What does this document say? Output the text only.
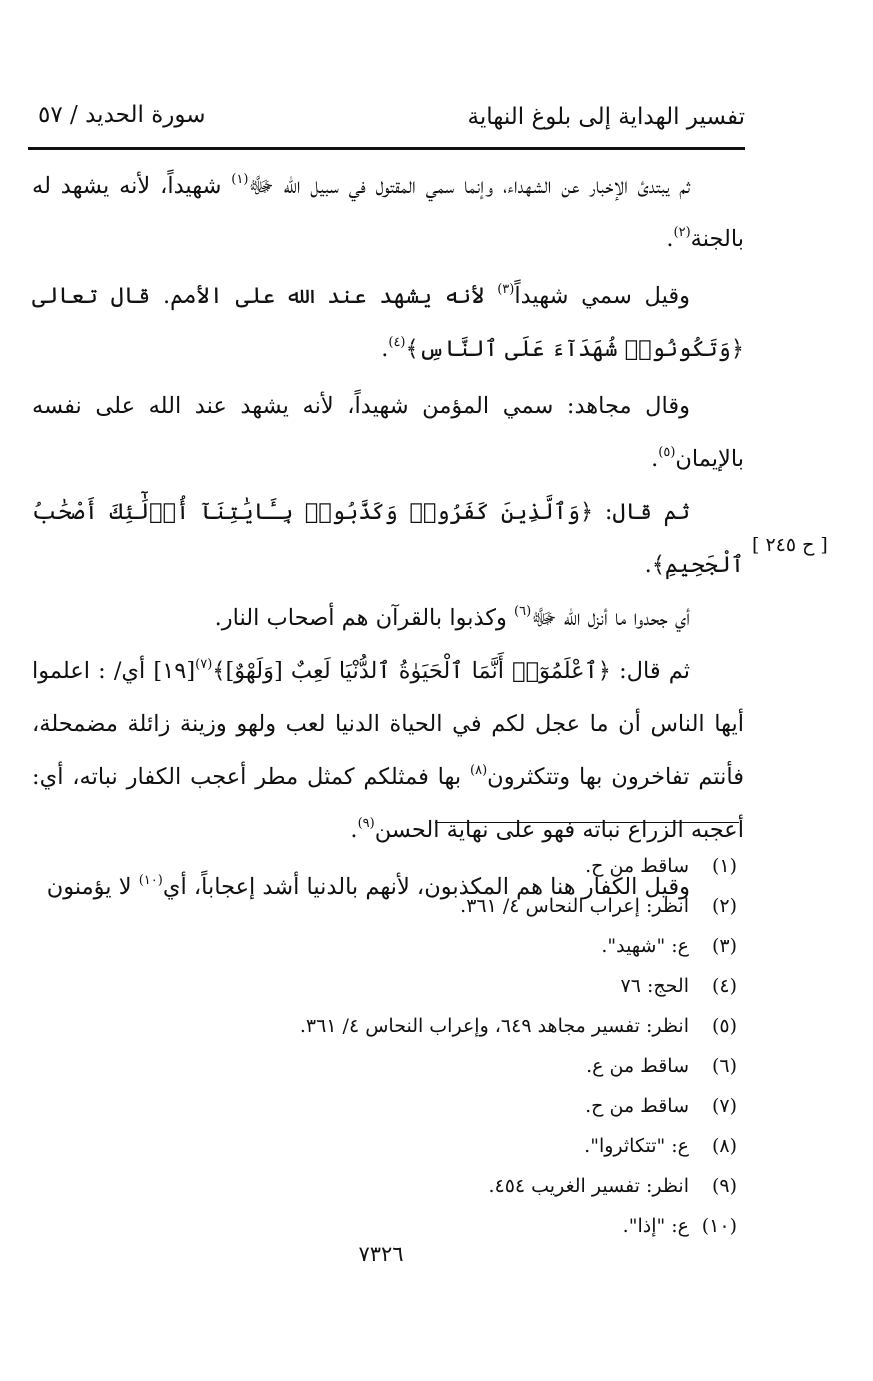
تفسير الهداية إلى بلوغ النهاية
سورة الحديد / ٥٧
[ ح ٢٤٥ ]

ثم يبتدئ الإخبار عن الشهداء، وإنما سمي المقتول في سبيل الله ﷻ$^{(١)}$ شهيداً، لأنه يشهد له بالجنة$^{(٢)}$.

وقيل سمي شهيداً$^{(٣)}$ لأنه يشهد عند الله على الأمم. قال تعالى ﴿وَتَكُونُوا۟ شُهَدَآءَ عَلَى ٱلنَّاسِ﴾$^{(٤)}$.

وقال مجاهد: سمي المؤمن شهيداً، لأنه يشهد عند الله على نفسه بالإيمان$^{(٥)}$.

ثم قال: ﴿وَٱلَّذِينَ كَفَرُوا۟ وَكَذَّبُوا۟ بِـَٔايَٰتِنَآ أُو۟لَٰٓئِكَ أَصْحَٰبُ ٱلْجَحِيمِ﴾.

أي جحدوا ما أنزل الله ﷻ$^{(٦)}$ وكذبوا بالقرآن هم أصحاب النار.

ثم قال: ﴿ٱعْلَمُوٓا۟ أَنَّمَا ٱلْحَيَوٰةُ ٱلدُّنْيَا لَعِبٌ [وَلَهْوٌ]﴾$^{(٧)}$[١٩] أي/ : اعلموا أيها الناس أن ما عجل لكم في الحياة الدنيا لعب ولهو وزينة زائلة مضمحلة، فأنتم تفاخرون بها وتتكثرون$^{(٨)}$ بها فمثلكم كمثل مطر أعجب الكفار نباته، أي: أعجبه الزراع نباته فهو على نهاية الحسن$^{(٩)}$.

وقيل الكفار هنا هم المكذبون، لأنهم بالدنيا أشد إعجاباً، أي$^{(١٠)}$ لا يؤمنون

(١)
ساقط من ح.
(٢)
انظر: إعراب النحاس ٤/ ٣٦١.
(٣)
ع: "شهيد".
(٤)
الحج: ٧٦
(٥)
انظر: تفسير مجاهد ٦٤٩، وإعراب النحاس ٤/ ٣٦١.
(٦)
ساقط من ع.
(٧)
ساقط من ح.
(٨)
ع: "تتكاثروا".
(٩)
انظر: تفسير الغريب ٤٥٤.
(١٠)
ع: "إذا".
٧٣٢٦
